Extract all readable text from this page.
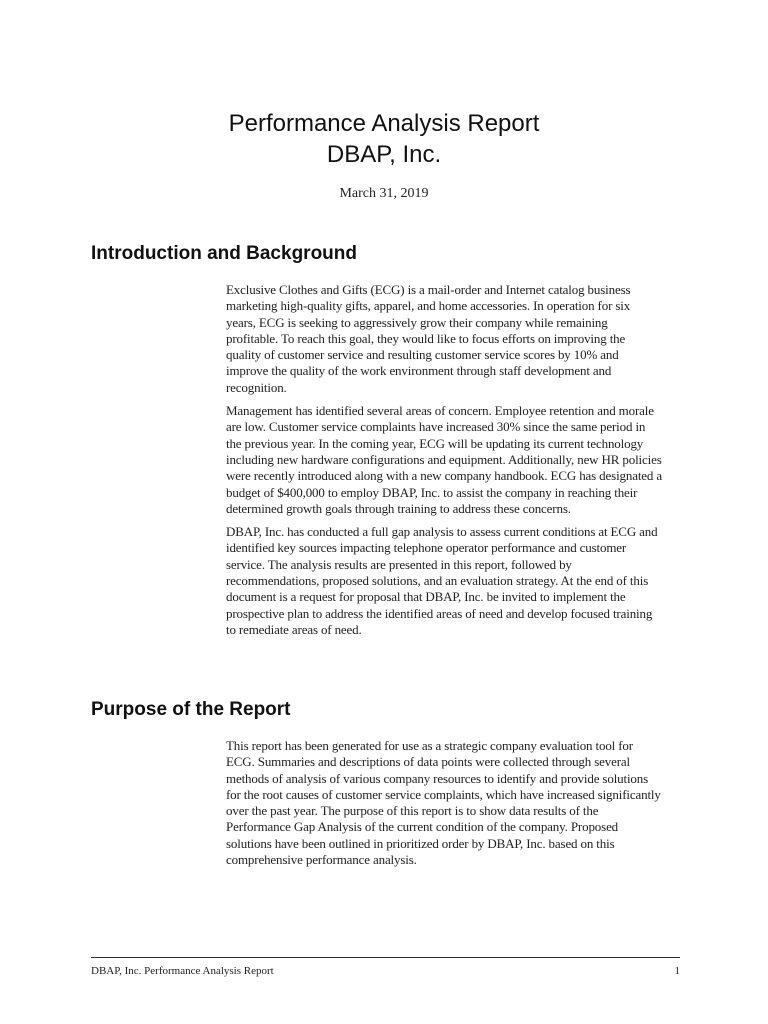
Performance Analysis Report
DBAP, Inc.
March 31, 2019
Introduction and Background

Exclusive Clothes and Gifts (ECG) is a mail-order and Internet catalog business marketing high-quality gifts, apparel, and home accessories. In operation for six years, ECG is seeking to aggressively grow their company while remaining profitable. To reach this goal, they would like to focus efforts on improving the quality of customer service and resulting customer service scores by 10% and improve the quality of the work environment through staff development and recognition.

Management has identified several areas of concern. Employee retention and morale are low. Customer service complaints have increased 30% since the same period in the previous year. In the coming year, ECG will be updating its current technology including new hardware configurations and equipment. Additionally, new HR policies were recently introduced along with a new company handbook. ECG has designated a budget of $400,000 to employ DBAP, Inc. to assist the company in reaching their determined growth goals through training to address these concerns.

DBAP, Inc. has conducted a full gap analysis to assess current conditions at ECG and identified key sources impacting telephone operator performance and customer service. The analysis results are presented in this report, followed by recommendations, proposed solutions, and an evaluation strategy. At the end of this document is a request for proposal that DBAP, Inc. be invited to implement the prospective plan to address the identified areas of need and develop focused training to remediate areas of need.

Purpose of the Report

This report has been generated for use as a strategic company evaluation tool for ECG. Summaries and descriptions of data points were collected through several methods of analysis of various company resources to identify and provide solutions for the root causes of customer service complaints, which have increased significantly over the past year. The purpose of this report is to show data results of the Performance Gap Analysis of the current condition of the company. Proposed solutions have been outlined in prioritized order by DBAP, Inc. based on this comprehensive performance analysis.

DBAP, Inc. Performance Analysis Report	1
